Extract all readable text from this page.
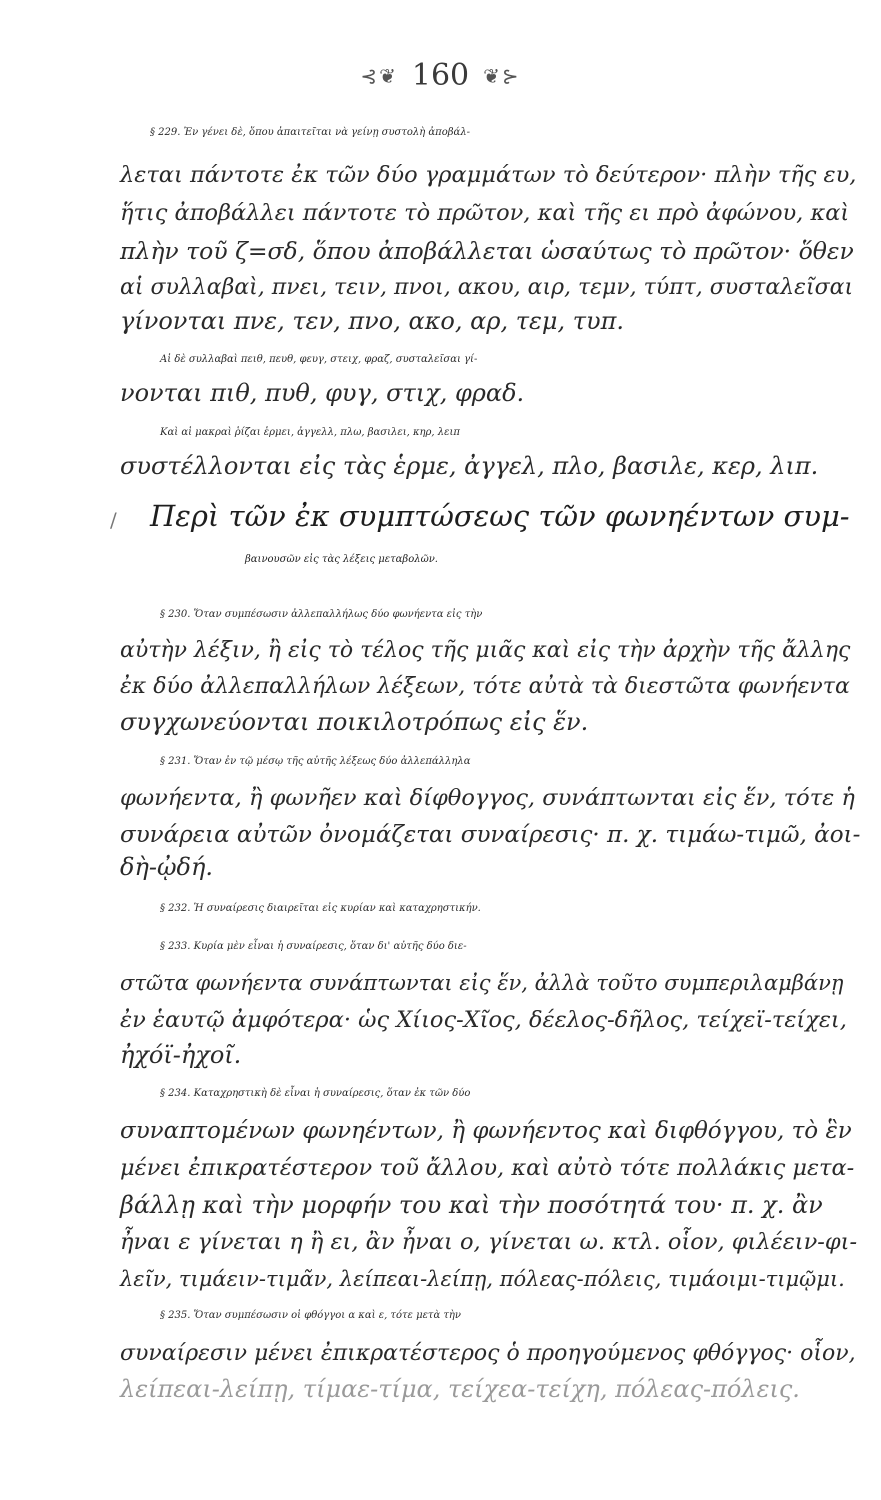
⊰❦ 160 ❦⊱
§ 229. Ἐν γένει δὲ, ὅπου ἀπαιτεῖται νὰ γείνῃ συστολὴ ἀποβάλ-
λεται πάντοτε ἐκ τῶν δύο γραμμάτων τὸ δεύτερον· πλὴν τῆς ευ,
ἥτις ἀποβάλλει πάντοτε τὸ πρῶτον, καὶ τῆς ει πρὸ ἀφώνου, καὶ
πλὴν τοῦ ζ=σδ, ὅπου ἀποβάλλεται ὡσαύτως τὸ πρῶτον· ὅθεν
αἱ συλλαβαὶ, πνει, τειν, πνοι, ακου, αιρ, τεμν, τύπτ, συσταλεῖσαι
γίνονται πνε, τεν, πνο, ακο, αρ, τεμ, τυπ.
Αἱ δὲ συλλαβαὶ πειθ, πευθ, φευγ, στειχ, φραζ, συσταλεῖσαι γί-
νονται πιθ, πυθ, φυγ, στιχ, φραδ.
Καὶ αἱ μακραὶ ῥίζαι ἑρμει, ἀγγελλ, πλω, βασιλει, κηρ, λειπ
συστέλλονται εἰς τὰς ἑρμε, ἀγγελ, πλο, βασιλε, κερ, λιπ.
/ Περὶ τῶν ἐκ συμπτώσεως τῶν φωνηέντων συμ-
βαινουσῶν εἰς τὰς λέξεις μεταβολῶν.
§ 230. Ὅταν συμπέσωσιν ἀλλεπαλλήλως δύο φωνήεντα εἰς τὴν
αὐτὴν λέξιν, ἢ εἰς τὸ τέλος τῆς μιᾶς καὶ εἰς τὴν ἀρχὴν τῆς ἄλλης
ἐκ δύο ἀλλεπαλλήλων λέξεων, τότε αὐτὰ τὰ διεστῶτα φωνήεντα
συγχωνεύονται ποικιλοτρόπως εἰς ἕν.
§ 231. Ὅταν ἐν τῷ μέσῳ τῆς αὐτῆς λέξεως δύο ἀλλεπάλληλα
φωνήεντα, ἢ φωνῆεν καὶ δίφθογγος, συνάπτωνται εἰς ἕν, τότε ἡ
συνάρεια αὐτῶν ὀνομάζεται συναίρεσις· π. χ. τιμάω-τιμῶ, ἀοι-
δὴ-ᾠδή.
§ 232. Ἡ συναίρεσις διαιρεῖται εἰς κυρίαν καὶ καταχρηστικήν.
§ 233. Κυρία μὲν εἶναι ἡ συναίρεσις, ὅταν δι' αὐτῆς δύο διε-
στῶτα φωνήεντα συνάπτωνται εἰς ἕν, ἀλλὰ τοῦτο συμπεριλαμβάνῃ
ἐν ἑαυτῷ ἀμφότερα· ὡς Χίιος-Χῖος, δέελος-δῆλος, τείχεϊ-τείχει,
ἠχόϊ-ἠχοῖ.
§ 234. Καταχρηστικὴ δὲ εἶναι ἡ συναίρεσις, ὅταν ἐκ τῶν δύο
συναπτομένων φωνηέντων, ἢ φωνήεντος καὶ διφθόγγου, τὸ ἓν
μένει ἐπικρατέστερον τοῦ ἄλλου, καὶ αὐτὸ τότε πολλάκις μετα-
βάλλῃ καὶ τὴν μορφήν του καὶ τὴν ποσότητά του· π. χ. ἂν
ἦναι ε γίνεται η ἢ ει, ἂν ἦναι ο, γίνεται ω. κτλ. οἷον, φιλέειν-φι-
λεῖν, τιμάειν-τιμᾶν, λείπεαι-λείπῃ, πόλεας-πόλεις, τιμάοιμι-τιμῷμι.
§ 235. Ὅταν συμπέσωσιν οἱ φθόγγοι α καὶ ε, τότε μετὰ τὴν
συναίρεσιν μένει ἐπικρατέστερος ὁ προηγούμενος φθόγγος· οἷον,
λείπεαι-λείπῃ, τίμαε-τίμα, τείχεα-τείχη, πόλεας-πόλεις.
